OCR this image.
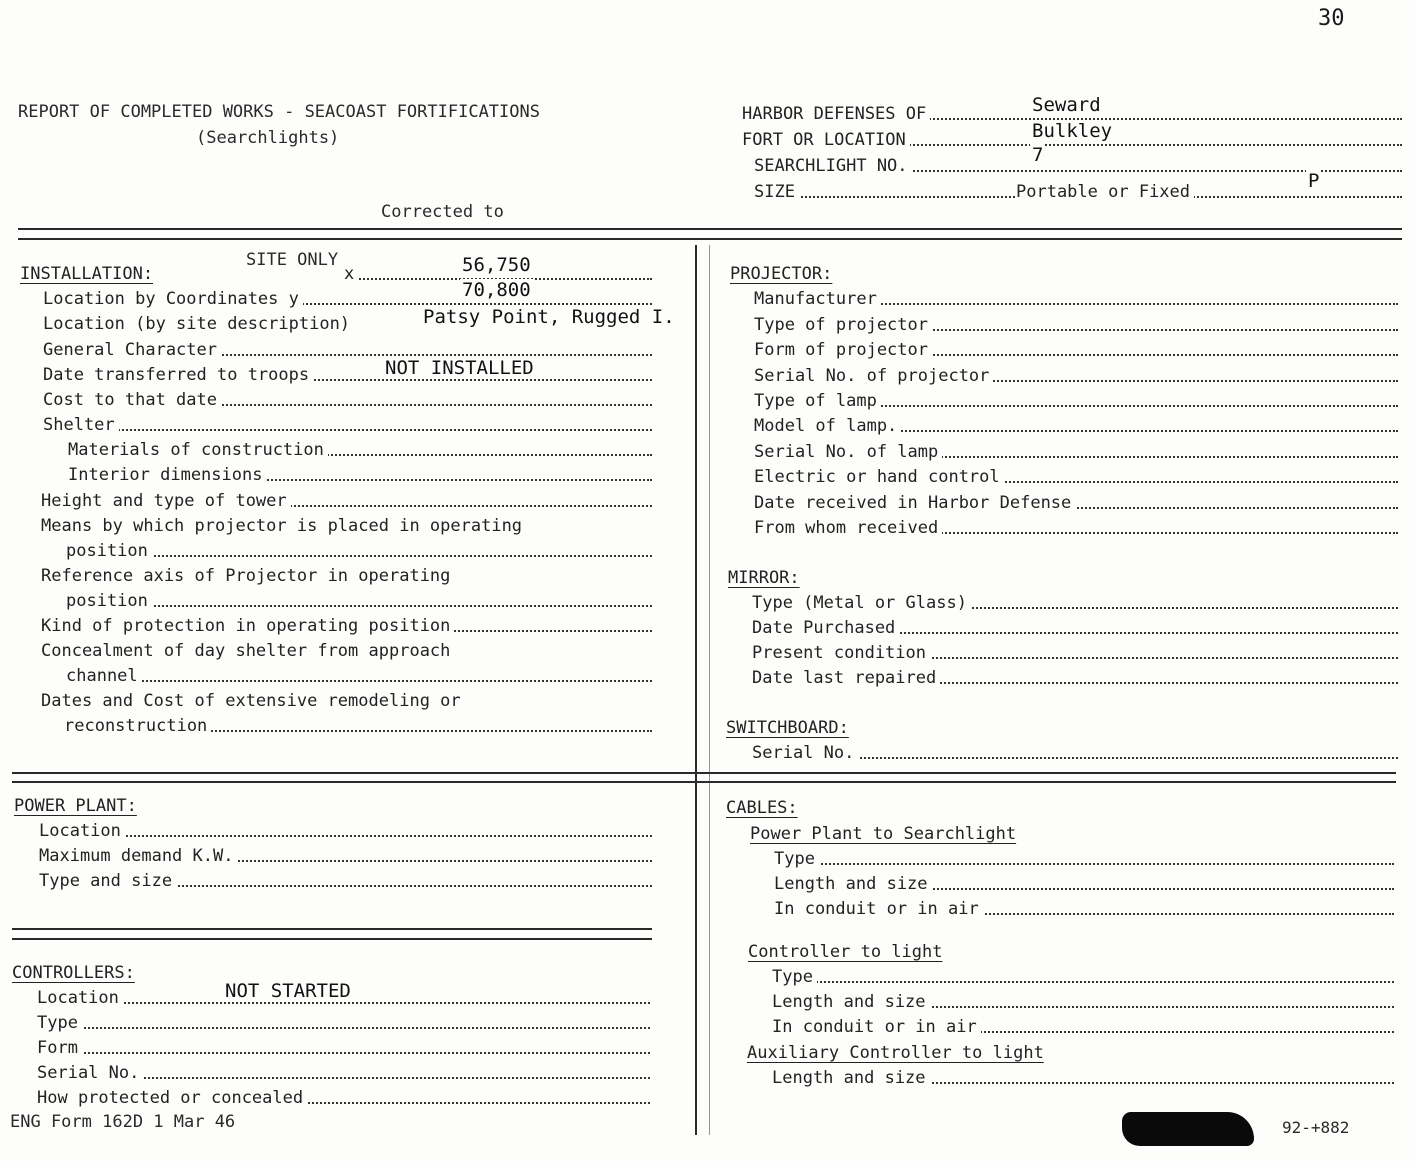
30
REPORT OF COMPLETED WORKS - SEACOAST FORTIFICATIONS
(Searchlights)
Corrected to
HARBOR DEFENSES OF	Seward
FORT OR LOCATION	Bulkley
SEARCHLIGHT NO.	7
SIZE	Portable or Fixed	P
INSTALLATION:
SITE ONLY
x	56,750
Location by Coordinates y	70,800
Location (by site description)	Patsy Point, Rugged I.
General Character
Date transferred to troops	NOT INSTALLED
Cost to that date
Shelter
Materials of construction
Interior dimensions
Height and type of tower
Means by which projector is placed in operating
position
Reference axis of Projector in operating
position
Kind of protection in operating position
Concealment of day shelter from approach
channel
Dates and Cost of extensive remodeling or
reconstruction
PROJECTOR:
Manufacturer
Type of projector
Form of projector
Serial No. of projector
Type of lamp
Model of lamp.
Serial No. of lamp
Electric or hand control
Date received in Harbor Defense
From whom received
MIRROR:
Type (Metal or Glass)
Date Purchased
Present condition
Date last repaired
SWITCHBOARD:
Serial No.
POWER PLANT:
Location
Maximum demand K.W.
Type and size
CONTROLLERS:
Location	NOT STARTED
Type
Form
Serial No.
How protected or concealed
CABLES:
Power Plant to Searchlight
Type
Length and size
In conduit or in air
Controller to light
Type
Length and size
In conduit or in air
Auxiliary Controller to light
Length and size
ENG Form 162D 1 Mar 46	92-+882
